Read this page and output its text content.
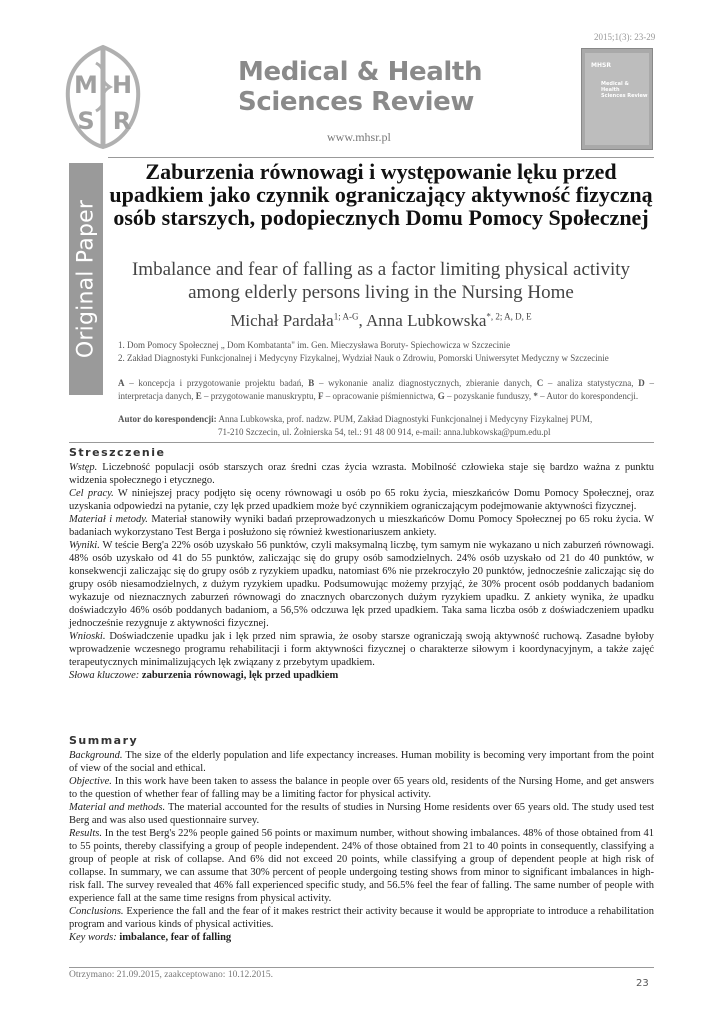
2015;1(3): 23-29
M H
S R
Medical & Health
Sciences Review
www.mhsr.pl
MHSR
Medical & Health
Sciences Review
Original Paper
Zaburzenia równowagi i występowanie lęku przed upadkiem jako czynnik ograniczający aktywność fizyczną osób starszych, podopiecznych Domu Pomocy Społecznej
Imbalance and fear of falling as a factor limiting physical activity among elderly persons living in the Nursing Home
Michał Pardała$^{1; A-G}$, Anna Lubkowska$^{*, 2; A, D, E}$
1. Dom Pomocy Społecznej „ Dom Kombatanta" im. Gen. Mieczysława Boruty- Spiechowicza w Szczecinie
2. Zakład Diagnostyki Funkcjonalnej i Medycyny Fizykalnej, Wydział Nauk o Zdrowiu, Pomorski Uniwersytet Medyczny w Szczecinie
A – koncepcja i przygotowanie projektu badań, B – wykonanie analiz diagnostycznych, zbieranie danych, C – analiza statystyczna, D – interpretacja danych, E – przygotowanie manuskryptu, F – opracowanie piśmiennictwa, G – pozyskanie funduszy, * – Autor do korespondencji.
Autor do korespondencji: Anna Lubkowska, prof. nadzw. PUM, Zakład Diagnostyki Funkcjonalnej i Medycyny Fizykalnej PUM,
71-210 Szczecin, ul. Żołnierska 54, tel.: 91 48 00 914, e-mail: anna.lubkowska@pum.edu.pl
Streszczenie

Wstęp. Liczebność populacji osób starszych oraz średni czas życia wzrasta. Mobilność człowieka staje się bardzo ważna z punktu widzenia społecznego i etycznego.

Cel pracy. W niniejszej pracy podjęto się oceny równowagi u osób po 65 roku życia, mieszkańców Domu Pomocy Społecznej, oraz uzyskania odpowiedzi na pytanie, czy lęk przed upadkiem może być czynnikiem ograniczającym podejmowanie aktywności fizycznej.

Materiał i metody. Materiał stanowiły wyniki badań przeprowadzonych u mieszkańców Domu Pomocy Społecznej po 65 roku życia. W badaniach wykorzystano Test Berga i posłużono się również kwestionariuszem ankiety.

Wyniki. W teście Berg'a 22% osób uzyskało 56 punktów, czyli maksymalną liczbę, tym samym nie wykazano u nich zaburzeń równowagi. 48% osób uzyskało od 41 do 55 punktów, zaliczając się do grupy osób samodzielnych. 24% osób uzyskało od 21 do 40 punktów, w konsekwencji zaliczając się do grupy osób z ryzykiem upadku, natomiast 6% nie przekroczyło 20 punktów, jednocześnie zaliczając się do grupy osób niesamodzielnych, z dużym ryzykiem upadku. Podsumowując możemy przyjąć, że 30% procent osób poddanych badaniom wykazuje od nieznacznych zaburzeń równowagi do znacznych obarczonych dużym ryzykiem upadku. Z ankiety wynika, że upadku doświadczyło 46% osób poddanych badaniom, a 56,5% odczuwa lęk przed upadkiem. Taka sama liczba osób z doświadczeniem upadku jednocześnie rezygnuje z aktywności fizycznej.

Wnioski. Doświadczenie upadku jak i lęk przed nim sprawia, że osoby starsze ograniczają swoją aktywność ruchową. Zasadne byłoby wprowadzenie wczesnego programu rehabilitacji i form aktywności fizycznej o charakterze siłowym i koordynacyjnym, a także zajęć terapeutycznych minimalizujących lęk związany z przebytym upadkiem.

Słowa kluczowe: zaburzenia równowagi, lęk przed upadkiem

Summary

Background. The size of the elderly population and life expectancy increases. Human mobility is becoming very important from the point of view of the social and ethical.

Objective. In this work have been taken to assess the balance in people over 65 years old, residents of the Nursing Home, and get answers to the question of whether fear of falling may be a limiting factor for physical activity.

Material and methods. The material accounted for the results of studies in Nursing Home residents over 65 years old. The study used test Berg and was also used questionnaire survey.

Results. In the test Berg's 22% people gained 56 points or maximum number, without showing imbalances. 48% of those obtained from 41 to 55 points, thereby classifying a group of people independent. 24% of those obtained from 21 to 40 points in consequently, classifying a group of people at risk of collapse. And 6% did not exceed 20 points, while classifying a group of dependent people at high risk of collapse. In summary, we can assume that 30% percent of people undergoing testing shows from minor to significant imbalances in high-risk fall. The survey revealed that 46% fall experienced specific study, and 56.5% feel the fear of falling. The same number of people with experience fall at the same time resigns from physical activity.

Conclusions. Experience the fall and the fear of it makes restrict their activity because it would be appropriate to introduce a rehabilitation program and various kinds of physical activities.

Key words: imbalance, fear of falling

Otrzymano: 21.09.2015, zaakceptowano: 10.12.2015.
23
